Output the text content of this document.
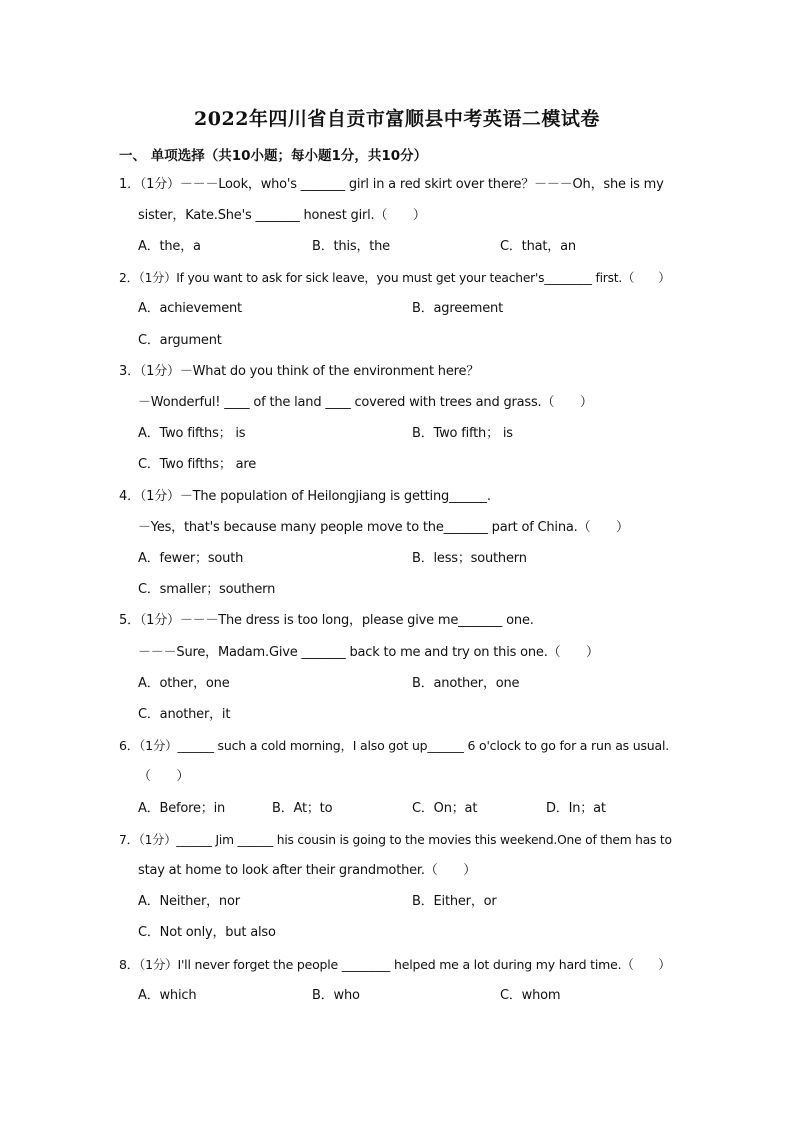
2022年四川省自贡市富顺县中考英语二模试卷
一、 单项选择（共10小题；每小题1分，共10分）
1．（1分）－－－Look，who's _______ girl in a red skirt over there？－－－Oh，she is my
sister，Kate.She's _______ honest girl.（　　）
A．the，a	B．this，the	C．that，an
2．（1分）If you want to ask for sick leave，you must get your teacher's________ first.（　　）
A．achievement	B．agreement
C．argument
3．（1分）－What do you think of the environment here？
－Wonderful! ____ of the land ____ covered with trees and grass.（　　）
A．Two fifths； is	B．Two fifth； is
C．Two fifths； are
4．（1分）－The population of Heilongjiang is getting______.
－Yes，that's because many people move to the_______ part of China.（　　）
A．fewer；south	B．less；southern
C．smaller；southern
5．（1分）－－－The dress is too long，please give me_______ one.
－－－Sure，Madam.Give _______ back to me and try on this one.（　　）
A．other，one	B．another，one
C．another，it
6．（1分）______ such a cold morning，I also got up______ 6 o'clock to go for a run as usual.
（　　）
A．Before；in	B．At；to	C．On；at	D．In；at
7．（1分）______ Jim ______ his cousin is going to the movies this weekend.One of them has to
stay at home to look after their grandmother.（　　）
A．Neither，nor	B．Either，or
C．Not only，but also
8．（1分）I'll never forget the people ________ helped me a lot during my hard time.（　　）
A．which	B．who	C．whom
